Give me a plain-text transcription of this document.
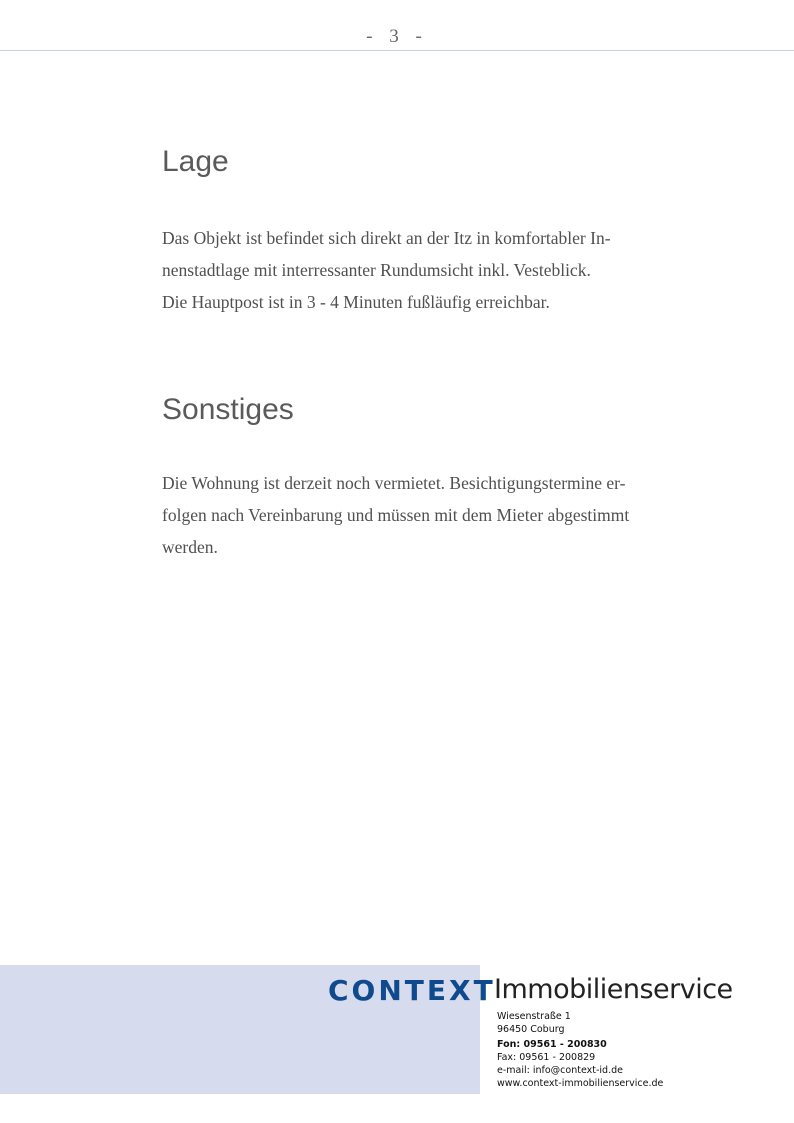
- 3 -
Lage
Das Objekt ist befindet sich direkt an der Itz in komfortabler In-
nenstadtlage mit interressanter Rundumsicht inkl. Vesteblick.
Die Hauptpost ist in 3 - 4 Minuten fußläufig erreichbar.
Sonstiges
Die Wohnung ist derzeit noch vermietet. Besichtigungstermine er-
folgen nach Vereinbarung und müssen mit dem Mieter abgestimmt
werden.
CONTEXT
Immobilienservice
Wiesenstraße 1
96450 Coburg
Fon: 09561 - 200830
Fax: 09561 - 200829
e-mail: info@context-id.de
www.context-immobilienservice.de
